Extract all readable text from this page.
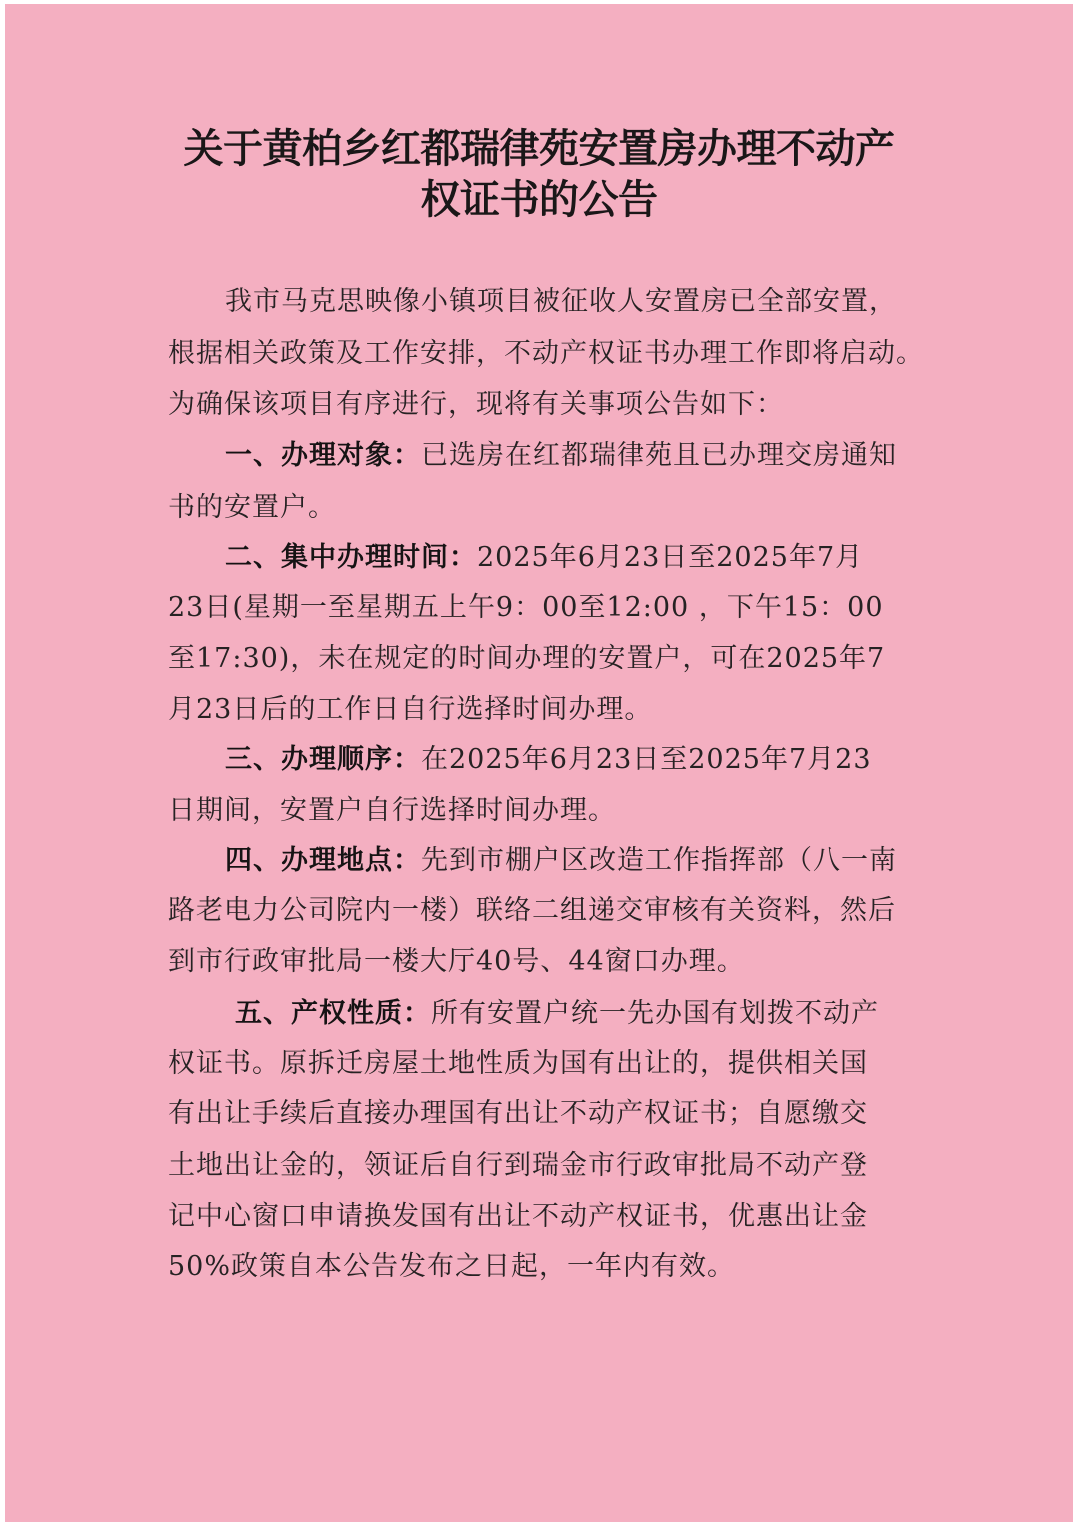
关于黄柏乡红都瑞律苑安置房办理不动产
权证书的公告
我市马克思映像小镇项目被征收人安置房已全部安置，
根据相关政策及工作安排，不动产权证书办理工作即将启动。
为确保该项目有序进行，现将有关事项公告如下：
一、办理对象：已选房在红都瑞律苑且已办理交房通知
书的安置户。
二、集中办理时间：2025年6月23日至2025年7月
23日(星期一至星期五上午9：00至12:00 ，下午15：00
至17:30)，未在规定的时间办理的安置户，可在2025年7
月23日后的工作日自行选择时间办理。
三、办理顺序：在2025年6月23日至2025年7月23
日期间，安置户自行选择时间办理。
四、办理地点：先到市棚户区改造工作指挥部（八一南
路老电力公司院内一楼）联络二组递交审核有关资料，然后
到市行政审批局一楼大厅40号、44窗口办理。
五、产权性质：所有安置户统一先办国有划拨不动产
权证书。原拆迁房屋土地性质为国有出让的，提供相关国
有出让手续后直接办理国有出让不动产权证书；自愿缴交
土地出让金的，领证后自行到瑞金市行政审批局不动产登
记中心窗口申请换发国有出让不动产权证书，优惠出让金
50%政策自本公告发布之日起，一年内有效。
